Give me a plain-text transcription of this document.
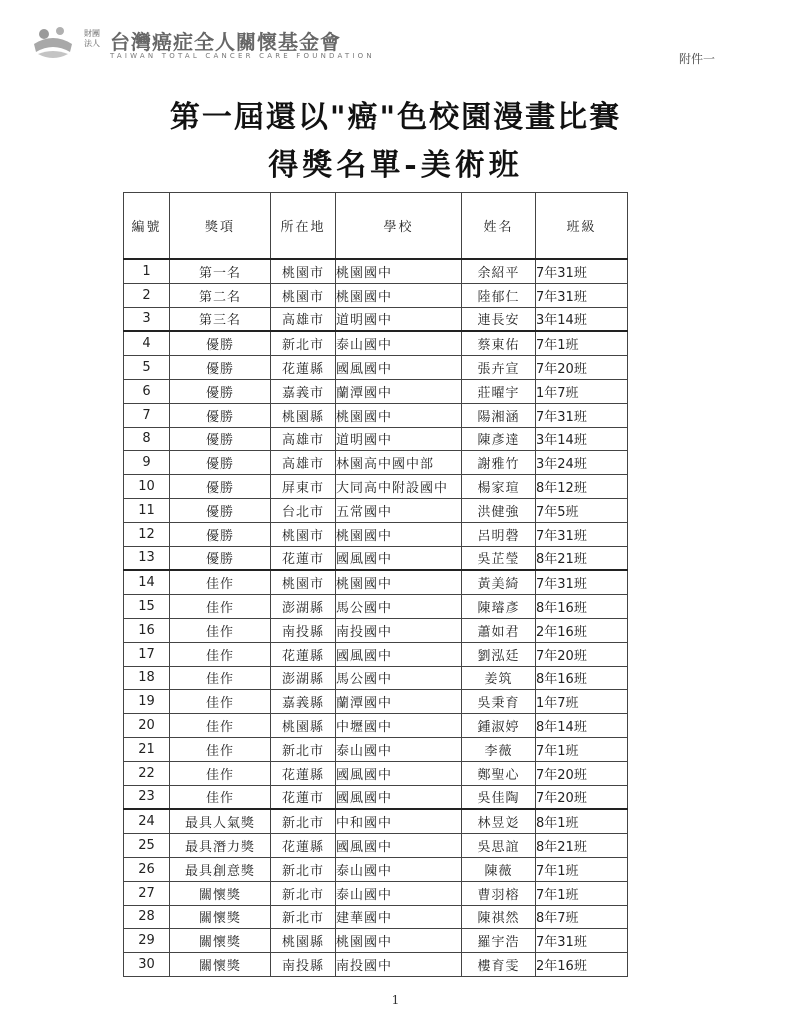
財團法人 台灣癌症全人關懷基金會
TAIWAN TOTAL CANCER CARE FOUNDATION	附件一
第一屆還以"癌"色校園漫畫比賽
得獎名單-美術班
編號	獎項	所在地	學校	姓名	班級
1	第一名	桃園市	桃園國中	余紹平	7年31班
2	第二名	桃園市	桃園國中	陸郁仁	7年31班
3	第三名	高雄市	道明國中	連長安	3年14班
4	優勝	新北市	泰山國中	蔡東佑	7年1班
5	優勝	花蓮縣	國風國中	張卉宣	7年20班
6	優勝	嘉義市	蘭潭國中	莊曜宇	1年7班
7	優勝	桃園縣	桃園國中	陽湘涵	7年31班
8	優勝	高雄市	道明國中	陳彥達	3年14班
9	優勝	高雄市	林園高中國中部	謝雅竹	3年24班
10	優勝	屏東市	大同高中附設國中	楊家瑄	8年12班
11	優勝	台北市	五常國中	洪健強	7年5班
12	優勝	桃園市	桃園國中	呂明磬	7年31班
13	優勝	花蓮市	國風國中	吳芷瑩	8年21班
14	佳作	桃園市	桃園國中	黃美綺	7年31班
15	佳作	澎湖縣	馬公國中	陳璿彥	8年16班
16	佳作	南投縣	南投國中	蕭如君	2年16班
17	佳作	花蓮縣	國風國中	劉泓廷	7年20班
18	佳作	澎湖縣	馬公國中	姜筑	8年16班
19	佳作	嘉義縣	蘭潭國中	吳秉育	1年7班
20	佳作	桃園縣	中壢國中	鍾淑婷	8年14班
21	佳作	新北市	泰山國中	李薇	7年1班
22	佳作	花蓮縣	國風國中	鄭聖心	7年20班
23	佳作	花蓮市	國風國中	吳佳陶	7年20班
24	最具人氣獎	新北市	中和國中	林昱彣	8年1班
25	最具潛力獎	花蓮縣	國風國中	吳思誼	8年21班
26	最具創意獎	新北市	泰山國中	陳薇	7年1班
27	關懷獎	新北市	泰山國中	曹羽榕	7年1班
28	關懷獎	新北市	建華國中	陳祺然	8年7班
29	關懷獎	桃園縣	桃園國中	羅宇浩	7年31班
30	關懷獎	南投縣	南投國中	樓育雯	2年16班
1
